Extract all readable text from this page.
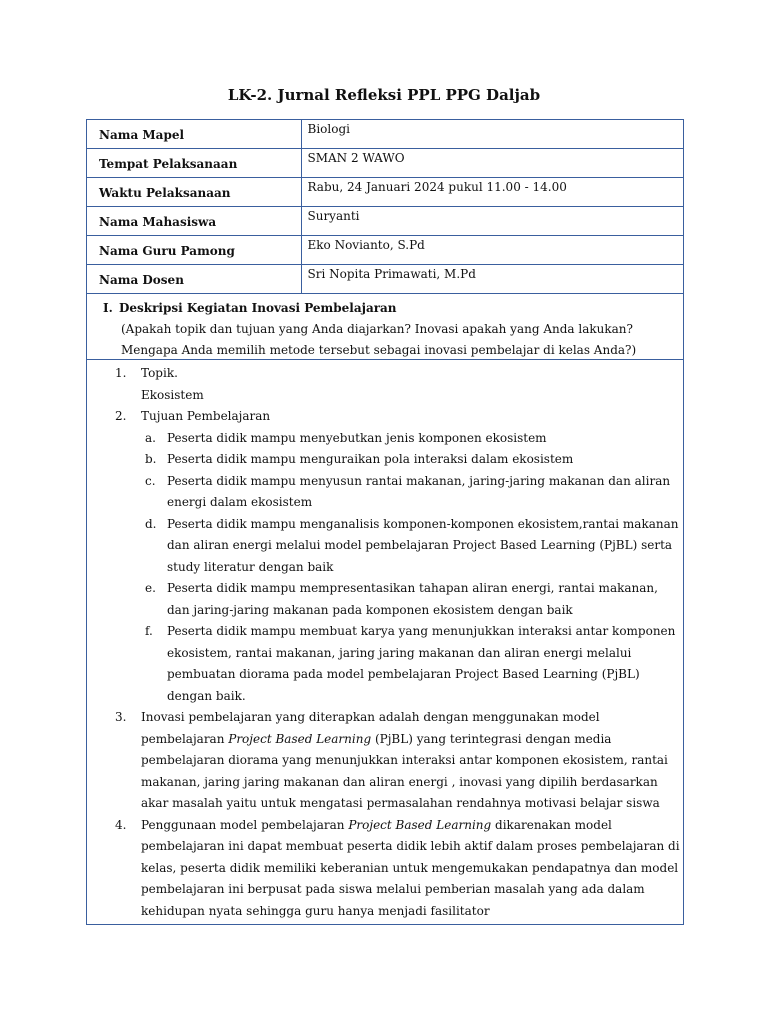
LK-2. Jurnal Refleksi PPL PPG Daljab
Nama Mapel	Biologi
Tempat Pelaksanaan	SMAN 2 WAWO
Waktu Pelaksanaan	Rabu, 24 Januari 2024 pukul 11.00 - 14.00
Nama Mahasiswa	Suryanti
Nama Guru Pamong	Eko Novianto, S.Pd
Nama Dosen	Sri Nopita Primawati, M.Pd
I. Deskripsi Kegiatan Inovasi Pembelajaran
(Apakah topik dan tujuan yang Anda diajarkan? Inovasi apakah yang Anda lakukan?
Mengapa Anda memilih metode tersebut sebagai inovasi pembelajar di kelas Anda?)
1.	Topik.
Ekosistem
2.	Tujuan Pembelajaran
a. Peserta didik mampu menyebutkan jenis komponen ekosistem
b. Peserta didik mampu menguraikan pola interaksi dalam ekosistem
c. Peserta didik mampu menyusun rantai makanan, jaring-jaring makanan dan aliran energi dalam ekosistem
d. Peserta didik mampu menganalisis komponen-komponen ekosistem,rantai makanan dan aliran energi melalui model pembelajaran Project Based Learning (PjBL) serta study literatur dengan baik
e. Peserta didik mampu mempresentasikan tahapan aliran energi, rantai makanan, dan jaring-jaring makanan pada komponen ekosistem dengan baik
f.	Peserta didik mampu membuat karya yang menunjukkan interaksi antar komponen ekosistem, rantai makanan, jaring jaring makanan dan aliran energi melalui pembuatan diorama pada model pembelajaran Project Based Learning (PjBL) dengan baik.
3.	Inovasi pembelajaran yang diterapkan adalah dengan menggunakan model pembelajaran Project Based Learning (PjBL) yang terintegrasi dengan media pembelajaran diorama yang menunjukkan interaksi antar komponen ekosistem, rantai makanan, jaring jaring makanan dan aliran energi , inovasi yang dipilih berdasarkan akar masalah yaitu untuk mengatasi permasalahan rendahnya motivasi belajar siswa
4.	Penggunaan model pembelajaran Project Based Learning dikarenakan model pembelajaran ini dapat membuat peserta didik lebih aktif dalam proses pembelajaran di kelas, peserta didik memiliki keberanian untuk mengemukakan pendapatnya dan model pembelajaran ini berpusat pada siswa melalui pemberian masalah yang ada dalam kehidupan nyata sehingga guru hanya menjadi fasilitator
